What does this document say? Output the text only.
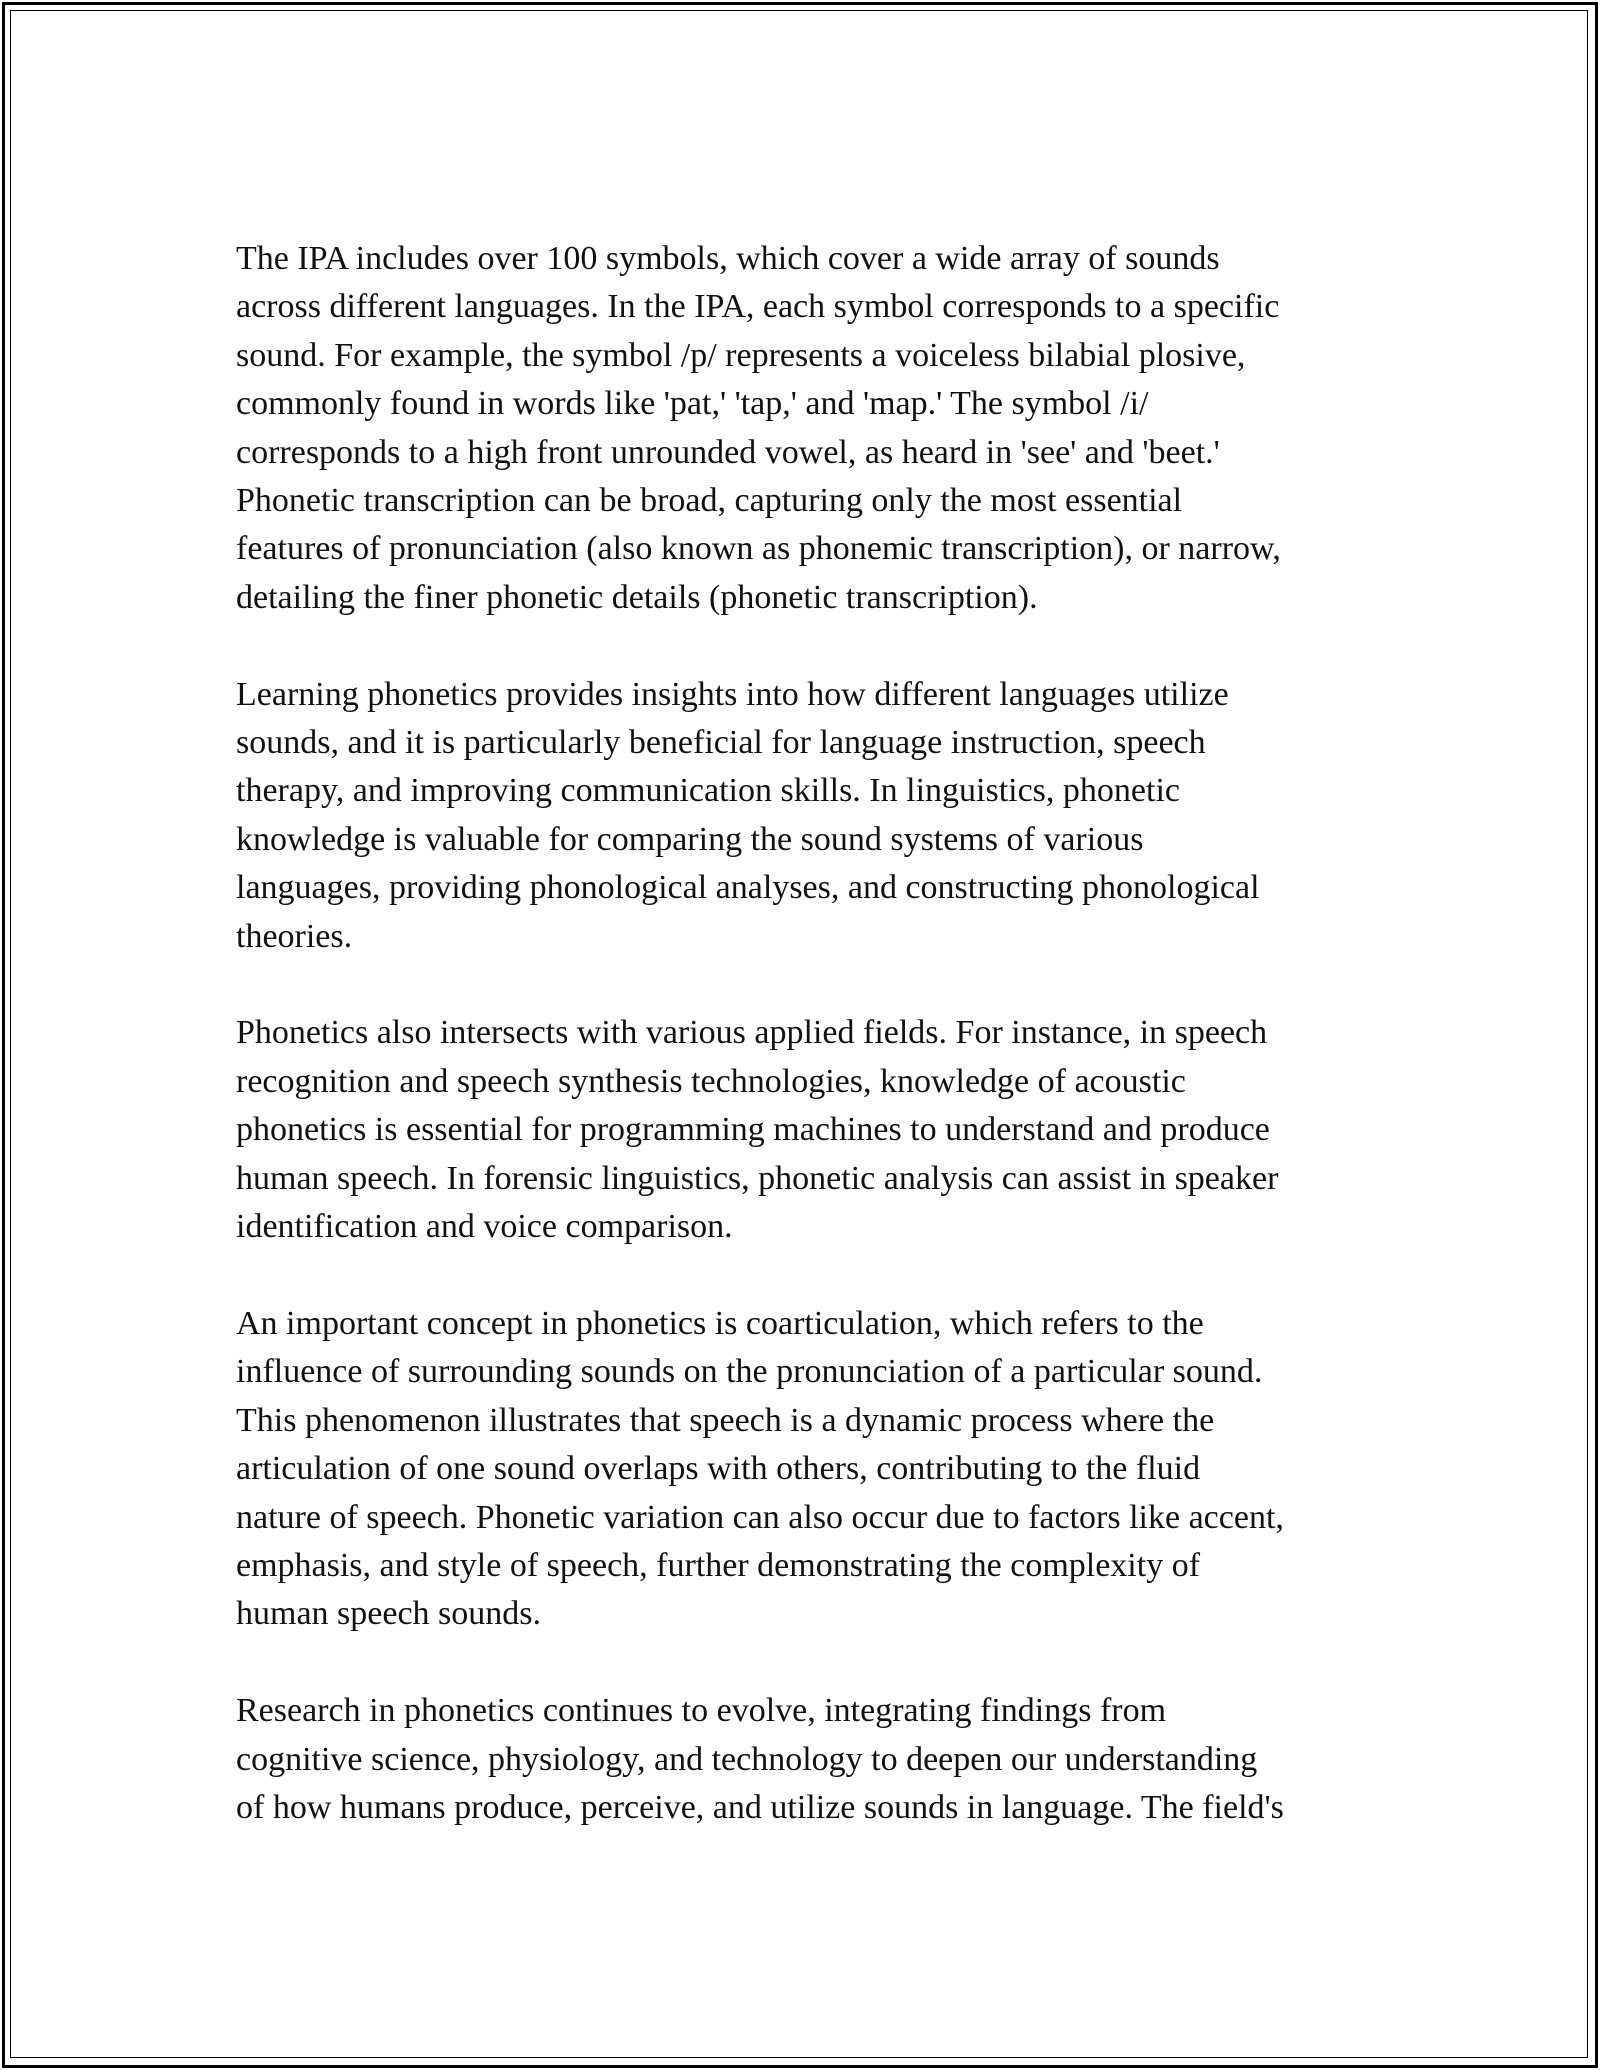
The IPA includes over 100 symbols, which cover a wide array of sounds
across different languages. In the IPA, each symbol corresponds to a specific
sound. For example, the symbol /p/ represents a voiceless bilabial plosive,
commonly found in words like 'pat,' 'tap,' and 'map.' The symbol /i/
corresponds to a high front unrounded vowel, as heard in 'see' and 'beet.'
Phonetic transcription can be broad, capturing only the most essential
features of pronunciation (also known as phonemic transcription), or narrow,
detailing the finer phonetic details (phonetic transcription).

Learning phonetics provides insights into how different languages utilize
sounds, and it is particularly beneficial for language instruction, speech
therapy, and improving communication skills. In linguistics, phonetic
knowledge is valuable for comparing the sound systems of various
languages, providing phonological analyses, and constructing phonological
theories.

Phonetics also intersects with various applied fields. For instance, in speech
recognition and speech synthesis technologies, knowledge of acoustic
phonetics is essential for programming machines to understand and produce
human speech. In forensic linguistics, phonetic analysis can assist in speaker
identification and voice comparison.

An important concept in phonetics is coarticulation, which refers to the
influence of surrounding sounds on the pronunciation of a particular sound.
This phenomenon illustrates that speech is a dynamic process where the
articulation of one sound overlaps with others, contributing to the fluid
nature of speech. Phonetic variation can also occur due to factors like accent,
emphasis, and style of speech, further demonstrating the complexity of
human speech sounds.

Research in phonetics continues to evolve, integrating findings from
cognitive science, physiology, and technology to deepen our understanding
of how humans produce, perceive, and utilize sounds in language. The field's
